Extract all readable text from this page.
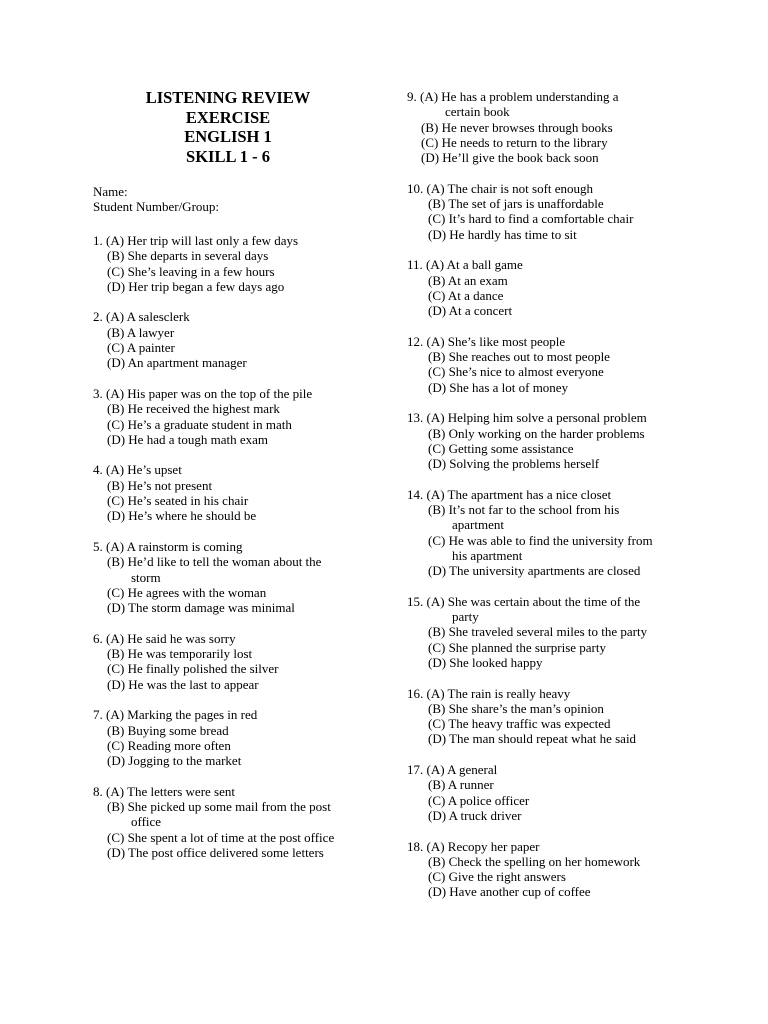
LISTENING REVIEW
EXERCISE
ENGLISH 1
SKILL 1 - 6
Name:
Student Number/Group:
1. (A) Her trip will last only a few days
(B) She departs in several days
(C) She’s leaving in a few hours
(D) Her trip began a few days ago
2. (A) A salesclerk
(B) A lawyer
(C) A painter
(D) An apartment manager
3. (A) His paper was on the top of the pile
(B) He received the highest mark
(C) He’s a graduate student in math
(D) He had a tough math exam
4. (A) He’s upset
(B) He’s not present
(C) He’s seated in his chair
(D) He’s where he should be
5. (A) A rainstorm is coming
(B) He’d like to tell the woman about the
storm
(C) He agrees with the woman
(D) The storm damage was minimal
6. (A) He said he was sorry
(B) He was temporarily lost
(C) He finally polished the silver
(D) He was the last to appear
7. (A) Marking the pages in red
(B) Buying some bread
(C) Reading more often
(D) Jogging to the market
8. (A) The letters were sent
(B) She picked up some mail from the post
office
(C) She spent a lot of time at the post office
(D) The post office delivered some letters
9. (A) He has a problem understanding a
certain book
(B) He never browses through books
(C) He needs to return to the library
(D) He’ll give the book back soon
10. (A) The chair is not soft enough
(B) The set of jars is unaffordable
(C) It’s hard to find a comfortable chair
(D) He hardly has time to sit
11. (A) At a ball game
(B) At an exam
(C) At a dance
(D) At a concert
12. (A) She’s like most people
(B) She reaches out to most people
(C) She’s nice to almost everyone
(D) She has a lot of money
13. (A) Helping him solve a personal problem
(B) Only working on the harder problems
(C) Getting some assistance
(D) Solving the problems herself
14. (A) The apartment has a nice closet
(B) It’s not far to the school from his
apartment
(C) He was able to find the university from
his apartment
(D) The university apartments are closed
15. (A) She was certain about the time of the
party
(B) She traveled several miles to the party
(C) She planned the surprise party
(D) She looked happy
16. (A) The rain is really heavy
(B) She share’s the man’s opinion
(C) The heavy traffic was expected
(D) The man should repeat what he said
17. (A) A general
(B) A runner
(C) A police officer
(D) A truck driver
18. (A) Recopy her paper
(B) Check the spelling on her homework
(C) Give the right answers
(D) Have another cup of coffee
